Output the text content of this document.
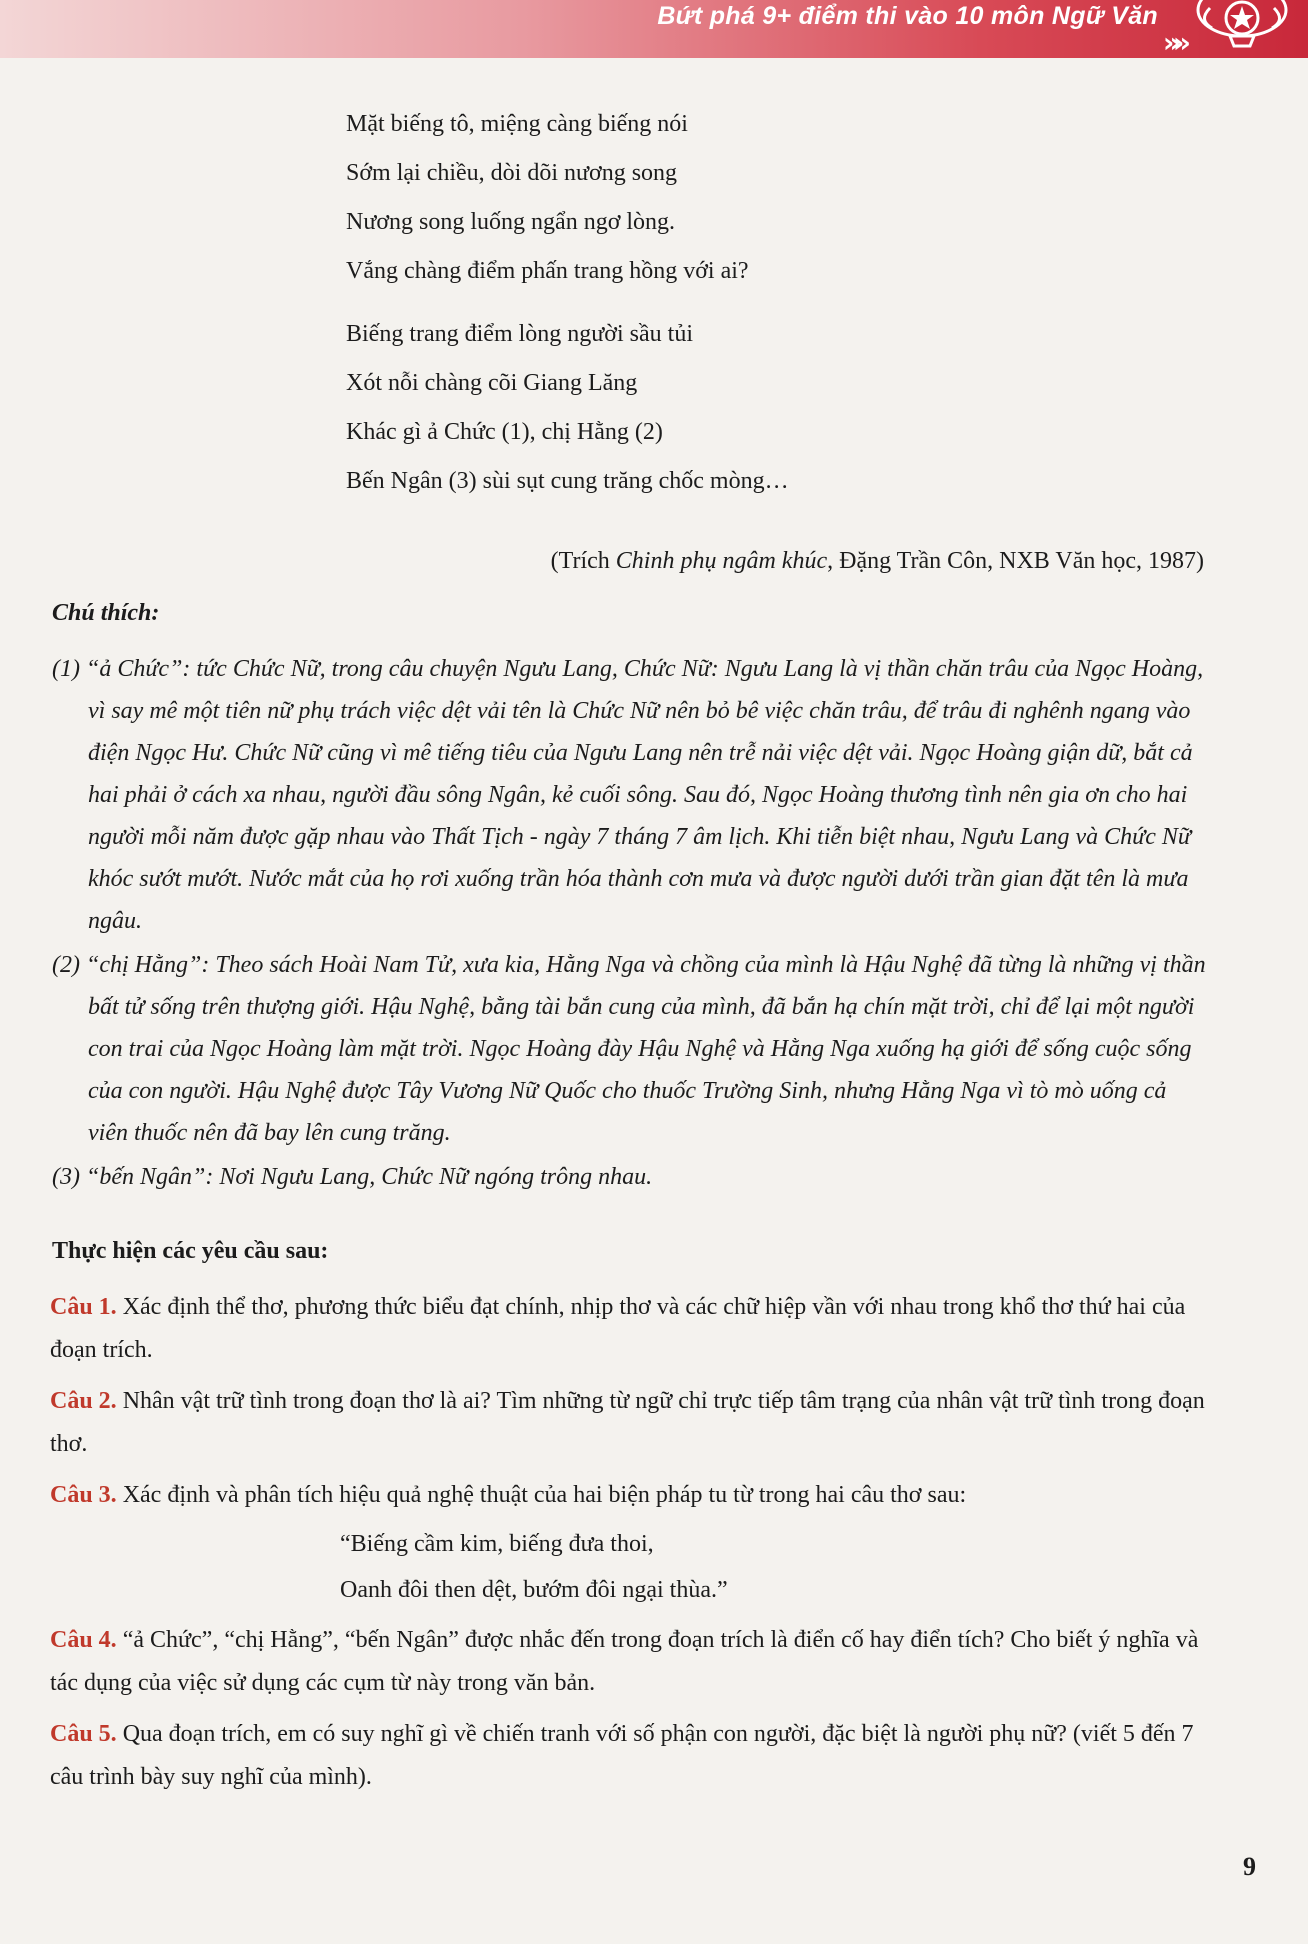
Bứt phá 9+ điểm thi vào 10 môn Ngữ Văn
»»
Mặt biếng tô, miệng càng biếng nói
Sớm lại chiều, dòi dõi nương song
Nương song luống ngẩn ngơ lòng.
Vắng chàng điểm phấn trang hồng với ai?
Biếng trang điểm lòng người sầu tủi
Xót nỗi chàng cõi Giang Lăng
Khác gì ả Chức (1), chị Hằng (2)
Bến Ngân (3) sùi sụt cung trăng chốc mòng…
(Trích Chinh phụ ngâm khúc, Đặng Trần Côn, NXB Văn học, 1987)
Chú thích:
(1) “ả Chức”: tức Chức Nữ, trong câu chuyện Ngưu Lang, Chức Nữ: Ngưu Lang là vị thần chăn trâu của Ngọc Hoàng, vì say mê một tiên nữ phụ trách việc dệt vải tên là Chức Nữ nên bỏ bê việc chăn trâu, để trâu đi nghênh ngang vào điện Ngọc Hư. Chức Nữ cũng vì mê tiếng tiêu của Ngưu Lang nên trễ nải việc dệt vải. Ngọc Hoàng giận dữ, bắt cả hai phải ở cách xa nhau, người đầu sông Ngân, kẻ cuối sông. Sau đó, Ngọc Hoàng thương tình nên gia ơn cho hai người mỗi năm được gặp nhau vào Thất Tịch - ngày 7 tháng 7 âm lịch. Khi tiễn biệt nhau, Ngưu Lang và Chức Nữ khóc sướt mướt. Nước mắt của họ rơi xuống trần hóa thành cơn mưa và được người dưới trần gian đặt tên là mưa ngâu.
(2) “chị Hằng”: Theo sách Hoài Nam Tử, xưa kia, Hằng Nga và chồng của mình là Hậu Nghệ đã từng là những vị thần bất tử sống trên thượng giới. Hậu Nghệ, bằng tài bắn cung của mình, đã bắn hạ chín mặt trời, chỉ để lại một người con trai của Ngọc Hoàng làm mặt trời. Ngọc Hoàng đày Hậu Nghệ và Hằng Nga xuống hạ giới để sống cuộc sống của con người. Hậu Nghệ được Tây Vương Nữ Quốc cho thuốc Trường Sinh, nhưng Hằng Nga vì tò mò uống cả viên thuốc nên đã bay lên cung trăng.
(3) “bến Ngân”: Nơi Ngưu Lang, Chức Nữ ngóng trông nhau.
Thực hiện các yêu cầu sau:
Câu 1. Xác định thể thơ, phương thức biểu đạt chính, nhịp thơ và các chữ hiệp vần với nhau trong khổ thơ thứ hai của đoạn trích.
Câu 2. Nhân vật trữ tình trong đoạn thơ là ai? Tìm những từ ngữ chỉ trực tiếp tâm trạng của nhân vật trữ tình trong đoạn thơ.
Câu 3. Xác định và phân tích hiệu quả nghệ thuật của hai biện pháp tu từ trong hai câu thơ sau:
“Biếng cầm kim, biếng đưa thoi,
Oanh đôi then dệt, bướm đôi ngại thùa.”
Câu 4. “ả Chức”, “chị Hằng”, “bến Ngân” được nhắc đến trong đoạn trích là điển cố hay điển tích? Cho biết ý nghĩa và tác dụng của việc sử dụng các cụm từ này trong văn bản.
Câu 5. Qua đoạn trích, em có suy nghĩ gì về chiến tranh với số phận con người, đặc biệt là người phụ nữ? (viết 5 đến 7 câu trình bày suy nghĩ của mình).
9
